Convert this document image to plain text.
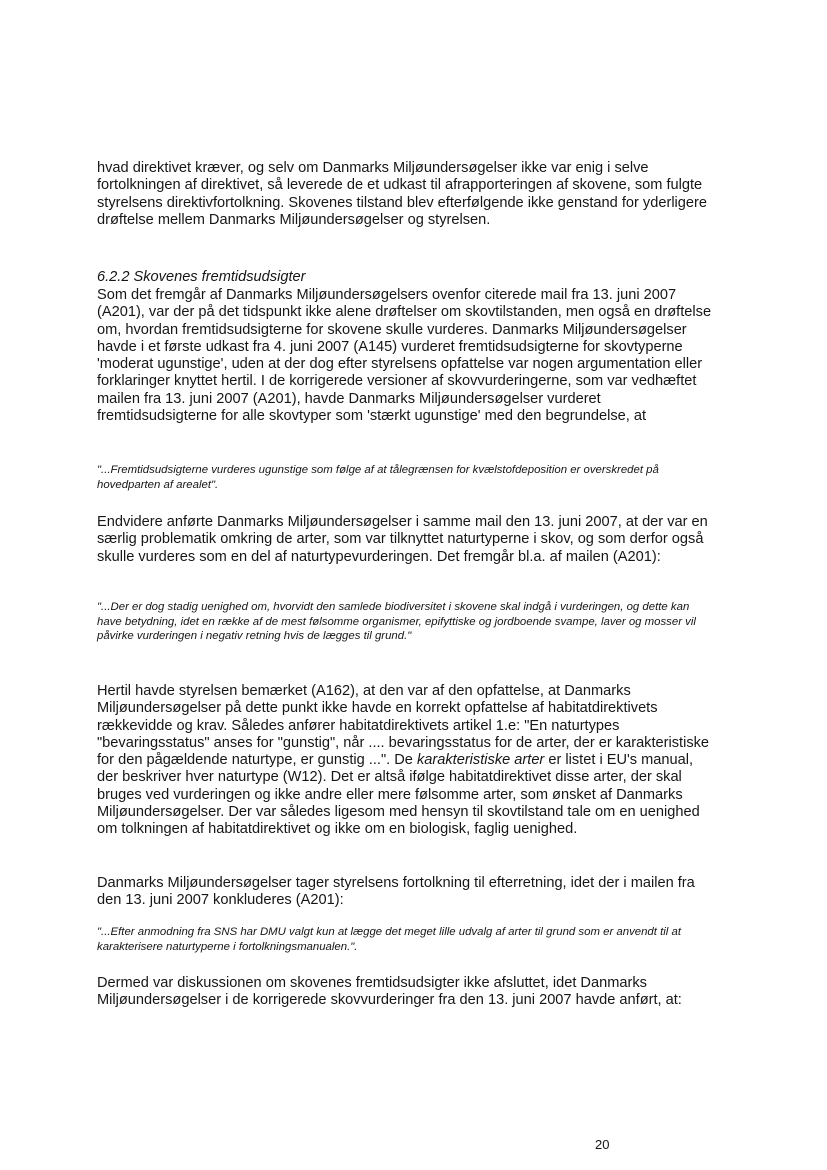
hvad direktivet kræver, og selv om Danmarks Miljøundersøgelser ikke var enig i selve fortolkningen af direktivet, så leverede de et udkast til afrapporteringen af skovene, som fulgte styrelsens direktivfortolkning. Skovenes tilstand blev efterfølgende ikke genstand for yderligere drøftelse mellem Danmarks Miljøundersøgelser og styrelsen.

6.2.2 Skovenes fremtidsudsigter

Som det fremgår af Danmarks Miljøundersøgelsers ovenfor citerede mail fra 13. juni 2007 (A201), var der på det tidspunkt ikke alene drøftelser om skovtilstanden, men også en drøftelse om, hvordan fremtidsudsigterne for skovene skulle vurderes. Danmarks Miljøundersøgelser havde i et første udkast fra 4. juni 2007 (A145) vurderet fremtidsudsigterne for skovtyperne 'moderat ugunstige', uden at der dog efter styrelsens opfattelse var nogen argumentation eller forklaringer knyttet hertil. I de korrigerede versioner af skovvurderingerne, som var vedhæftet mailen fra 13. juni 2007 (A201), havde Danmarks Miljøundersøgelser vurderet fremtidsudsigterne for alle skovtyper som 'stærkt ugunstige' med den begrundelse, at

"...Fremtidsudsigterne vurderes ugunstige som følge af at tålegrænsen for kvælstofdeposition er overskredet på hovedparten af arealet".

Endvidere anførte Danmarks Miljøundersøgelser i samme mail den 13. juni 2007, at der var en særlig problematik omkring de arter, som var tilknyttet naturtyperne i skov, og som derfor også skulle vurderes som en del af naturtypevurderingen. Det fremgår bl.a. af mailen (A201):

"...Der er dog stadig uenighed om, hvorvidt den samlede biodiversitet i skovene skal indgå i vurderingen, og dette kan have betydning, idet en række af de mest følsomme organismer, epifyttiske og jordboende svampe, laver og mosser vil påvirke vurderingen i negativ retning hvis de lægges til grund."

Hertil havde styrelsen bemærket (A162), at den var af den opfattelse, at Danmarks Miljøundersøgelser på dette punkt ikke havde en korrekt opfattelse af habitatdirektivets rækkevidde og krav. Således anfører habitatdirektivets artikel 1.e: "En naturtypes "bevaringsstatus" anses for "gunstig", når .... bevaringsstatus for de arter, der er karakteristiske for den pågældende naturtype, er gunstig ...". De karakteristiske arter er listet i EU's manual, der beskriver hver naturtype (W12). Det er altså ifølge habitatdirektivet disse arter, der skal bruges ved vurderingen og ikke andre eller mere følsomme arter, som ønsket af Danmarks Miljøundersøgelser. Der var således ligesom med hensyn til skovtilstand tale om en uenighed om tolkningen af habitatdirektivet og ikke om en biologisk, faglig uenighed.

Danmarks Miljøundersøgelser tager styrelsens fortolkning til efterretning, idet der i mailen fra den 13. juni 2007 konkluderes (A201):

"...Efter anmodning fra SNS har DMU valgt kun at lægge det meget lille udvalg af arter til grund som er anvendt til at karakterisere naturtyperne i fortolkningsmanualen.".

Dermed var diskussionen om skovenes fremtidsudsigter ikke afsluttet, idet Danmarks Miljøundersøgelser i de korrigerede skovvurderinger fra den 13. juni 2007 havde anført, at:

20
